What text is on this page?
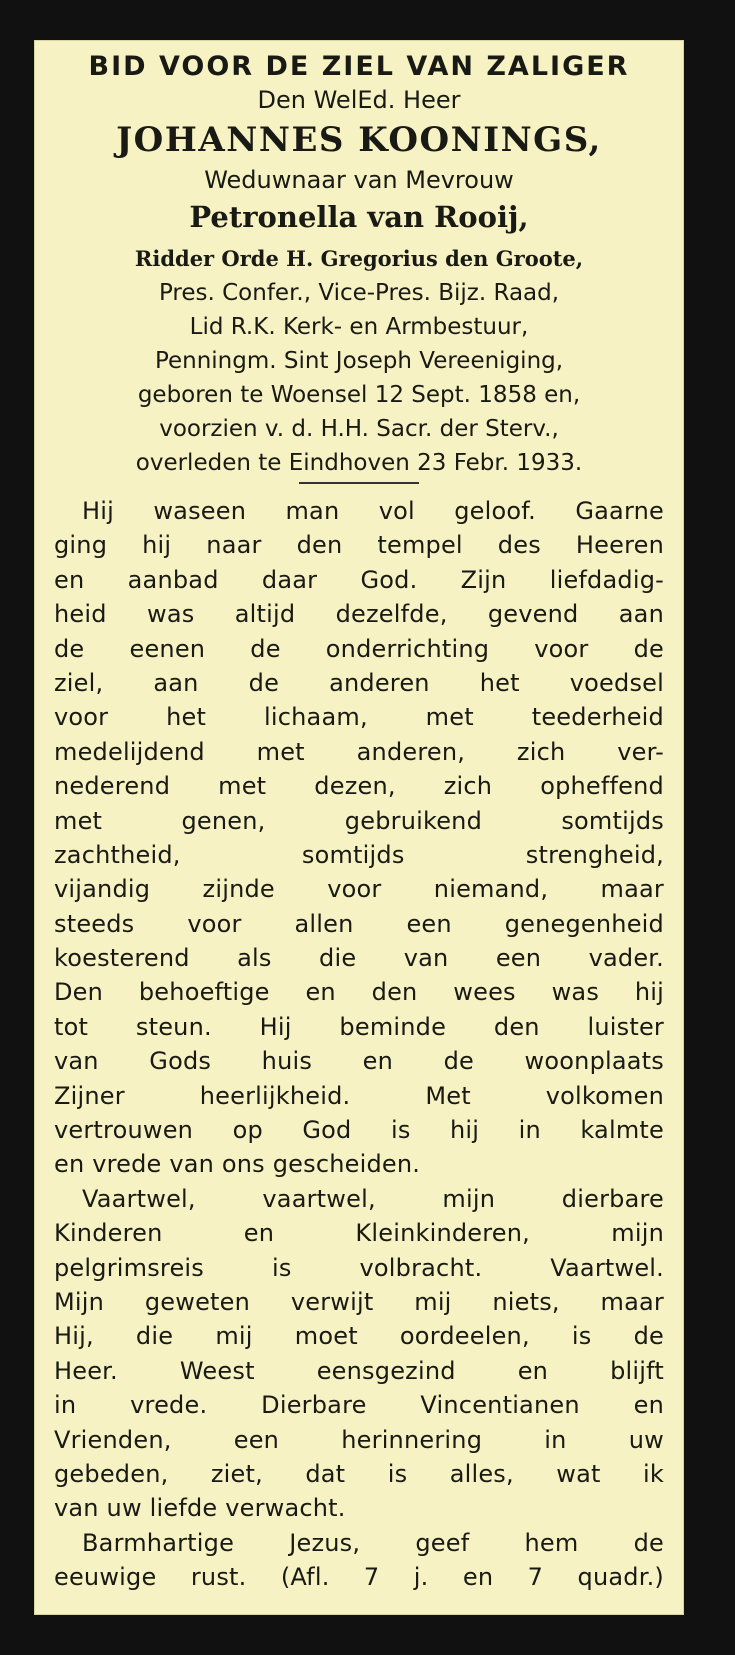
BID VOOR DE ZIEL VAN ZALIGER
Den WelEd. Heer
JOHANNES KOONINGS,
Weduwnaar van Mevrouw
Petronella van Rooij,
Ridder Orde H. Gregorius den Groote,
Pres. Confer., Vice-Pres. Bijz. Raad,
Lid R.K. Kerk- en Armbestuur,
Penningm. Sint Joseph Vereeniging,
geboren te Woensel 12 Sept. 1858 en,
voorzien v. d. H.H. Sacr. der Sterv.,
overleden te Eindhoven 23 Febr. 1933.
Hij waseen man vol geloof. Gaarne
ging hij naar den tempel des Heeren
en aanbad daar God. Zijn liefdadig-
heid was altijd dezelfde, gevend aan
de eenen de onderrichting voor de
ziel, aan de anderen het voedsel
voor het lichaam, met teederheid
medelijdend met anderen, zich ver-
nederend met dezen, zich opheffend
met genen, gebruikend somtijds
zachtheid, somtijds strengheid,
vijandig zijnde voor niemand, maar
steeds voor allen een genegenheid
koesterend als die van een vader.
Den behoeftige en den wees was hij
tot steun. Hij beminde den luister
van Gods huis en de woonplaats
Zijner heerlijkheid. Met volkomen
vertrouwen op God is hij in kalmte
en vrede van ons gescheiden.
Vaartwel, vaartwel, mijn dierbare
Kinderen en Kleinkinderen, mijn
pelgrimsreis is volbracht. Vaartwel.
Mijn geweten verwijt mij niets, maar
Hij, die mij moet oordeelen, is de
Heer. Weest eensgezind en blijft
in vrede. Dierbare Vincentianen en
Vrienden, een herinnering in uw
gebeden, ziet, dat is alles, wat ik
van uw liefde verwacht.
Barmhartige Jezus, geef hem de
eeuwige rust. (Afl. 7 j. en 7 quadr.)
